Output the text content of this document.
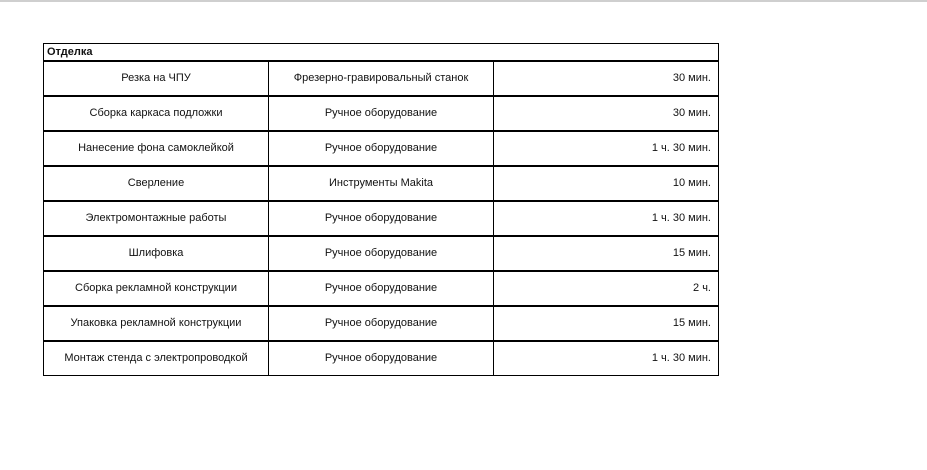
Отделка		
Резка на ЧПУ	Фрезерно-гравировальный станок	30 мин.
Сборка каркаса подложки	Ручное оборудование	30 мин.
Нанесение фона самоклейкой	Ручное оборудование	1 ч. 30 мин.
Сверление	Инструменты Makita	10 мин.
Электромонтажные работы	Ручное оборудование	1 ч. 30 мин.
Шлифовка	Ручное оборудование	15 мин.
Сборка рекламной конструкции	Ручное оборудование	2 ч.
Упаковка рекламной конструкции	Ручное оборудование	15 мин.
Монтаж стенда с электропроводкой	Ручное оборудование	1 ч. 30 мин.
